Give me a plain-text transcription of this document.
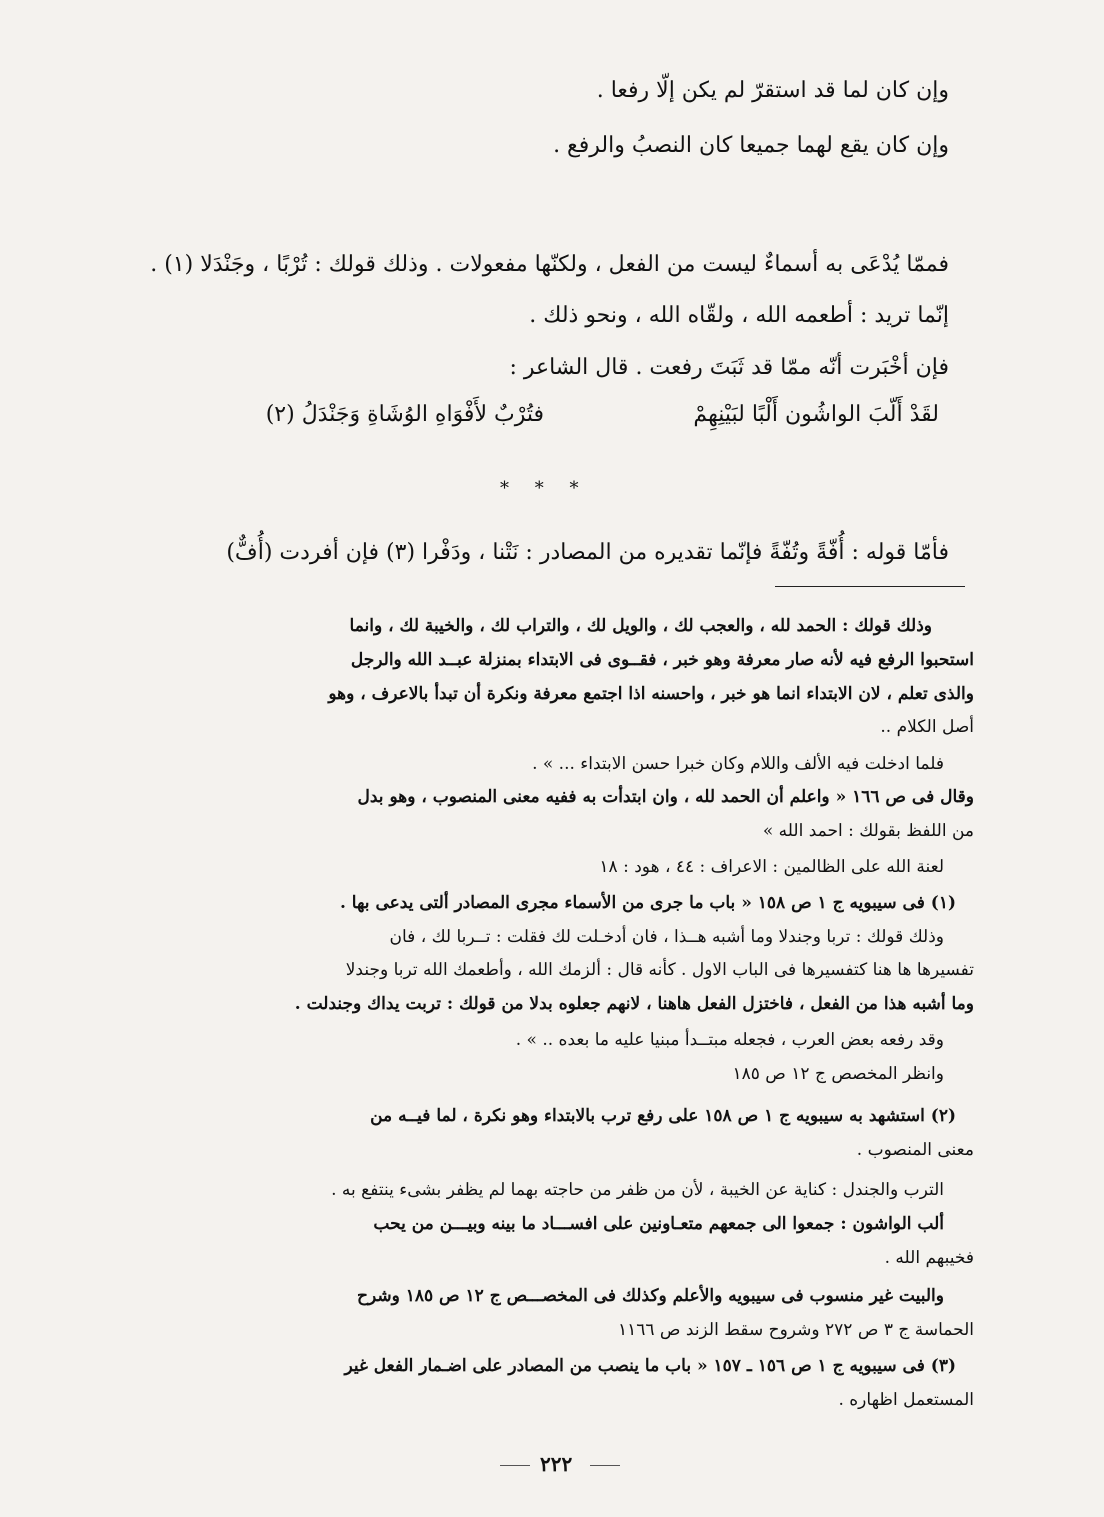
وإن كان لما قد استقرّ لم يكن إلّا رفعا .
وإن كان يقع لهما جميعا كان النصبُ والرفع .
فممّا يُدْعَى به أسماءٌ ليست من الفعل ، ولكنّها مفعولات . وذلك قولك : تُرْبًا ، وجَنْدَلا (١) .
إنّما تريد : أطعمه الله ، ولقّاه الله ، ونحو ذلك .
فإن أخْبَرت أنّه ممّا قد ثَبَتَ رفعت . قال الشاعر :
لقَدْ أَلّبَ الواشُون أَلْبًا لبَيْنِهِمْ
فتُرْبٌ لأَفْوَاهِ الوُشَاةِ وَجَنْدَلُ (٢)
* * *
فأمّا قوله : أُفّةً وتُفّةً فإنّما تقديره من المصادر : نَتْنا ، ودَفْرا (٣) فإن أفردت (أُفٌّ)
وذلك قولك : الحمد لله ، والعجب لك ، والويل لك ، والتراب لك ، والخيبة لك ، وانما
استحبوا الرفع فيه لأنه صار معرفة وهو خبر ، فقــوى فى الابتداء بمنزلة عبــد الله والرجل
والذى تعلم ، لان الابتداء انما هو خبر ، واحسنه اذا اجتمع معرفة ونكرة أن تبدأ بالاعرف ، وهو
أصل الكلام ..
فلما ادخلت فيه الألف واللام وكان خبرا حسن الابتداء ... » .
وقال فى ص ١٦٦ « واعلم أن الحمد لله ، وان ابتدأت به ففيه معنى المنصوب ، وهو بدل
من اللفظ بقولك : احمد الله »
لعنة الله على الظالمين : الاعراف : ٤٤ ، هود : ١٨
(١) فى سيبويه ج ١ ص ١٥٨ « باب ما جرى من الأسماء مجرى المصادر ألتى يدعى بها .
وذلك قولك : تربا وجندلا وما أشبه هــذا ، فان أدخـلت لك فقلت : تــربا لك ، فان
تفسيرها ها هنا كتفسيرها فى الباب الاول . كأنه قال : ألزمك الله ، وأطعمك الله تربا وجندلا
وما أشبه هذا من الفعل ، فاختزل الفعل هاهنا ، لانهم جعلوه بدلا من قولك : تربت يداك وجندلت .
وقد رفعه بعض العرب ، فجعله مبتــدأ مبنيا عليه ما بعده .. » .
وانظر المخصص ج ١٢ ص ١٨٥
(٢) استشهد به سيبويه ج ١ ص ١٥٨ على رفع ترب بالابتداء وهو نكرة ، لما فيــه من
معنى المنصوب .
الترب والجندل : كناية عن الخيبة ، لأن من ظفر من حاجته بهما لم يظفر بشىء ينتفع به .
ألب الواشون : جمعوا الى جمعهم متعـاونين على افســـاد ما بينه وبيـــن من يحب
فخيبهم الله .
والبيت غير منسوب فى سيبويه والأعلم وكذلك فى المخصـــص ج ١٢ ص ١٨٥ وشرح
الحماسة ج ٣ ص ٢٧٢ وشروح سقط الزند ص ١١٦٦
(٣) فى سيبويه ج ١ ص ١٥٦ ـ ١٥٧ « باب ما ينصب من المصادر على اضـمار الفعل غير
المستعمل اظهاره .
٢٢٢
